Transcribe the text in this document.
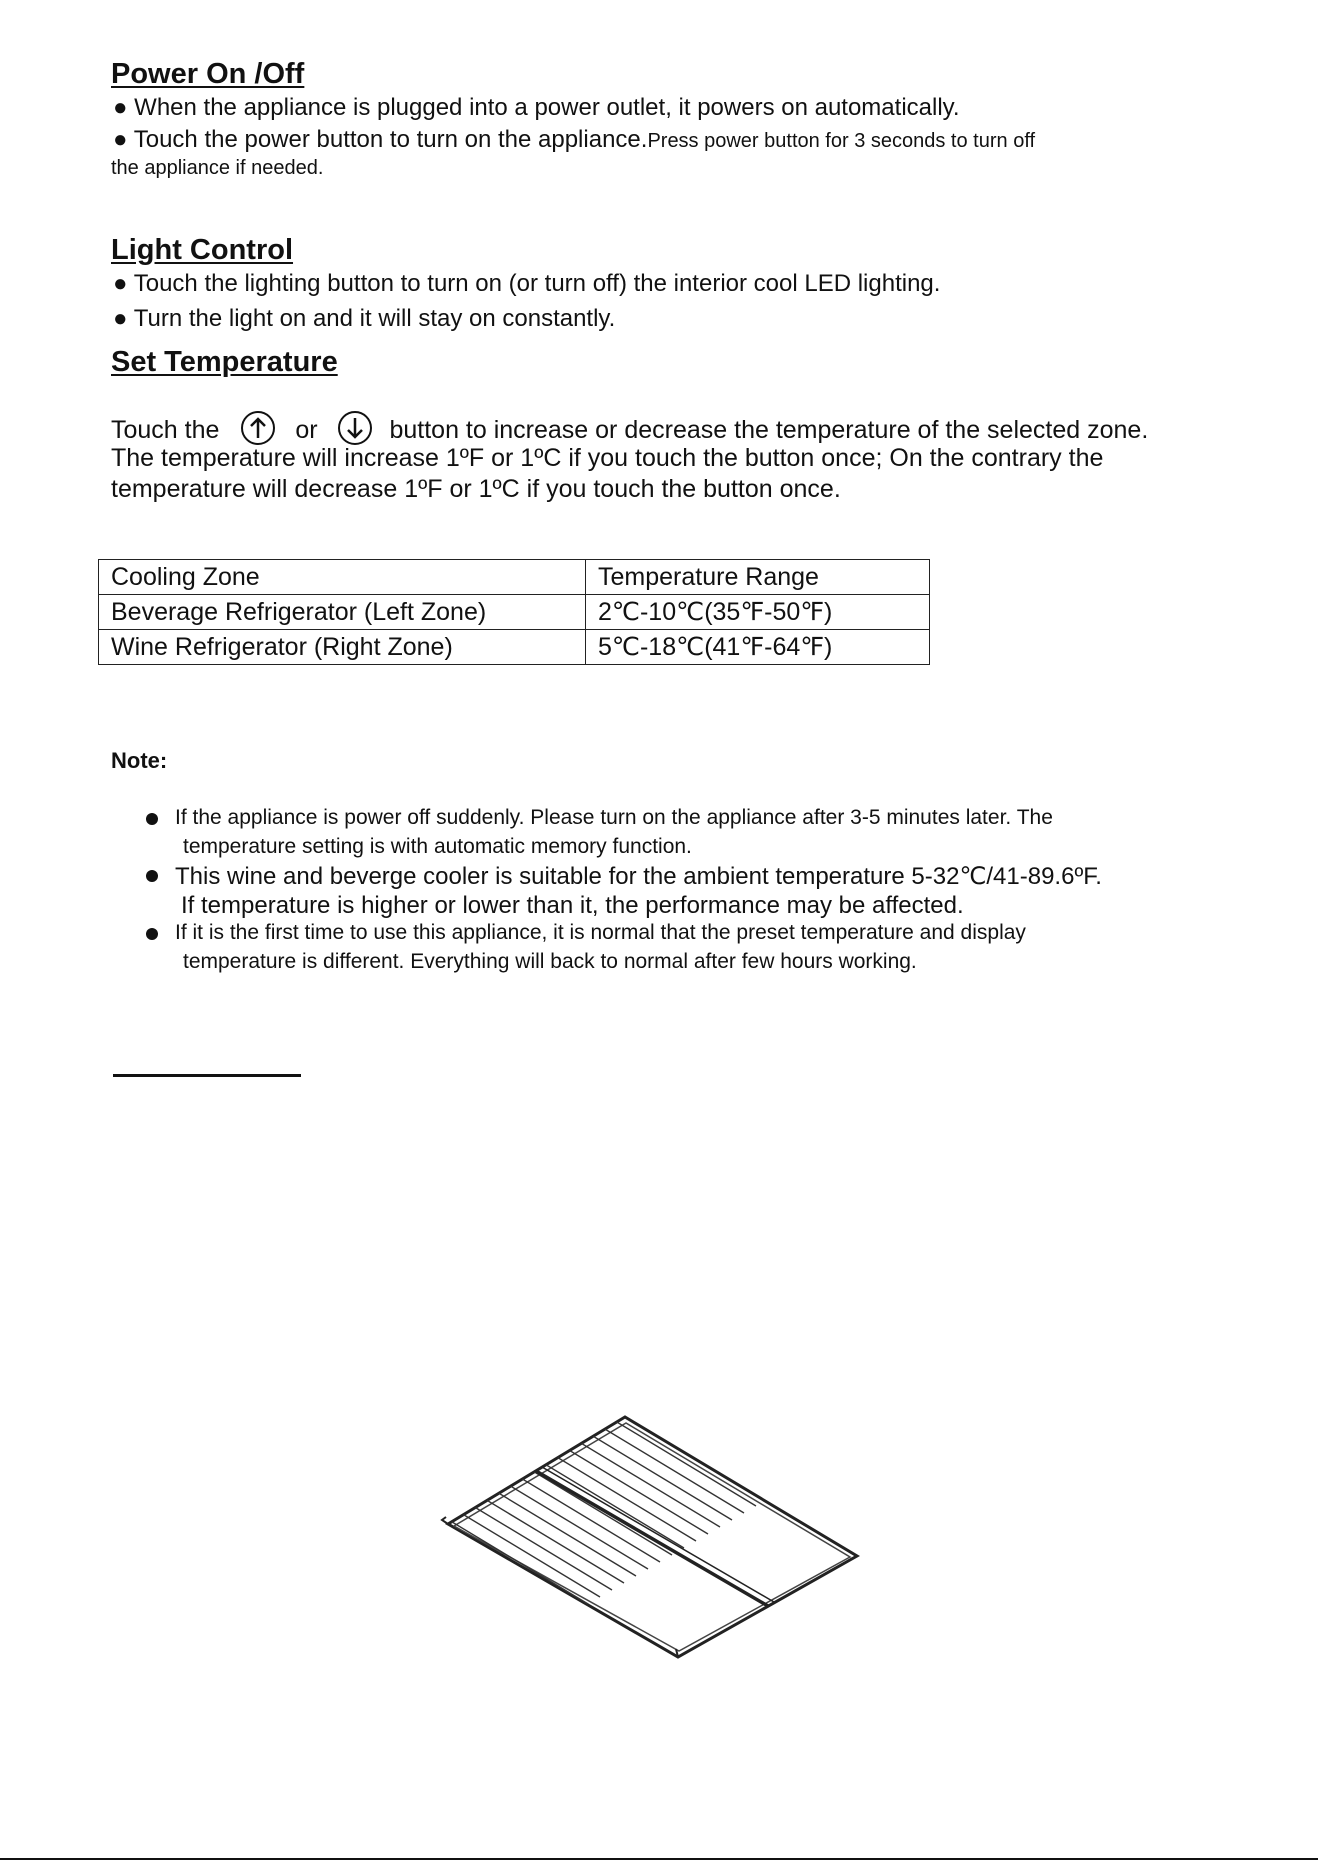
Power On /Off
● When the appliance is plugged into a power outlet, it powers on automatically.
● Touch the power button to turn on the appliance.Press power button for 3 seconds to turn off
the appliance if needed.
Light Control
● Touch the lighting button to turn on (or turn off) the interior cool LED lighting.
● Turn the light on and it will stay on constantly.
Set Temperature
Touch the	or	button to increase or decrease the temperature of the selected zone.
The temperature will increase 1ºF or 1ºC if you touch the button once; On the contrary the
temperature will decrease 1ºF or 1ºC if you touch the button once.
Cooling Zone	Temperature Range
Beverage Refrigerator (Left Zone)	2℃-10℃(35℉-50℉)
Wine Refrigerator (Right Zone)	5℃-18℃(41℉-64℉)
Note:
If the appliance is power off suddenly. Please turn on the appliance after 3-5 minutes later. The
temperature setting is with automatic memory function.
This wine and beverge cooler is suitable for the ambient temperature 5-32℃/41-89.6ºF.
If temperature is higher or lower than it, the performance may be affected.
If it is the first time to use this appliance, it is normal that the preset temperature and display
temperature is different. Everything will back to normal after few hours working.
